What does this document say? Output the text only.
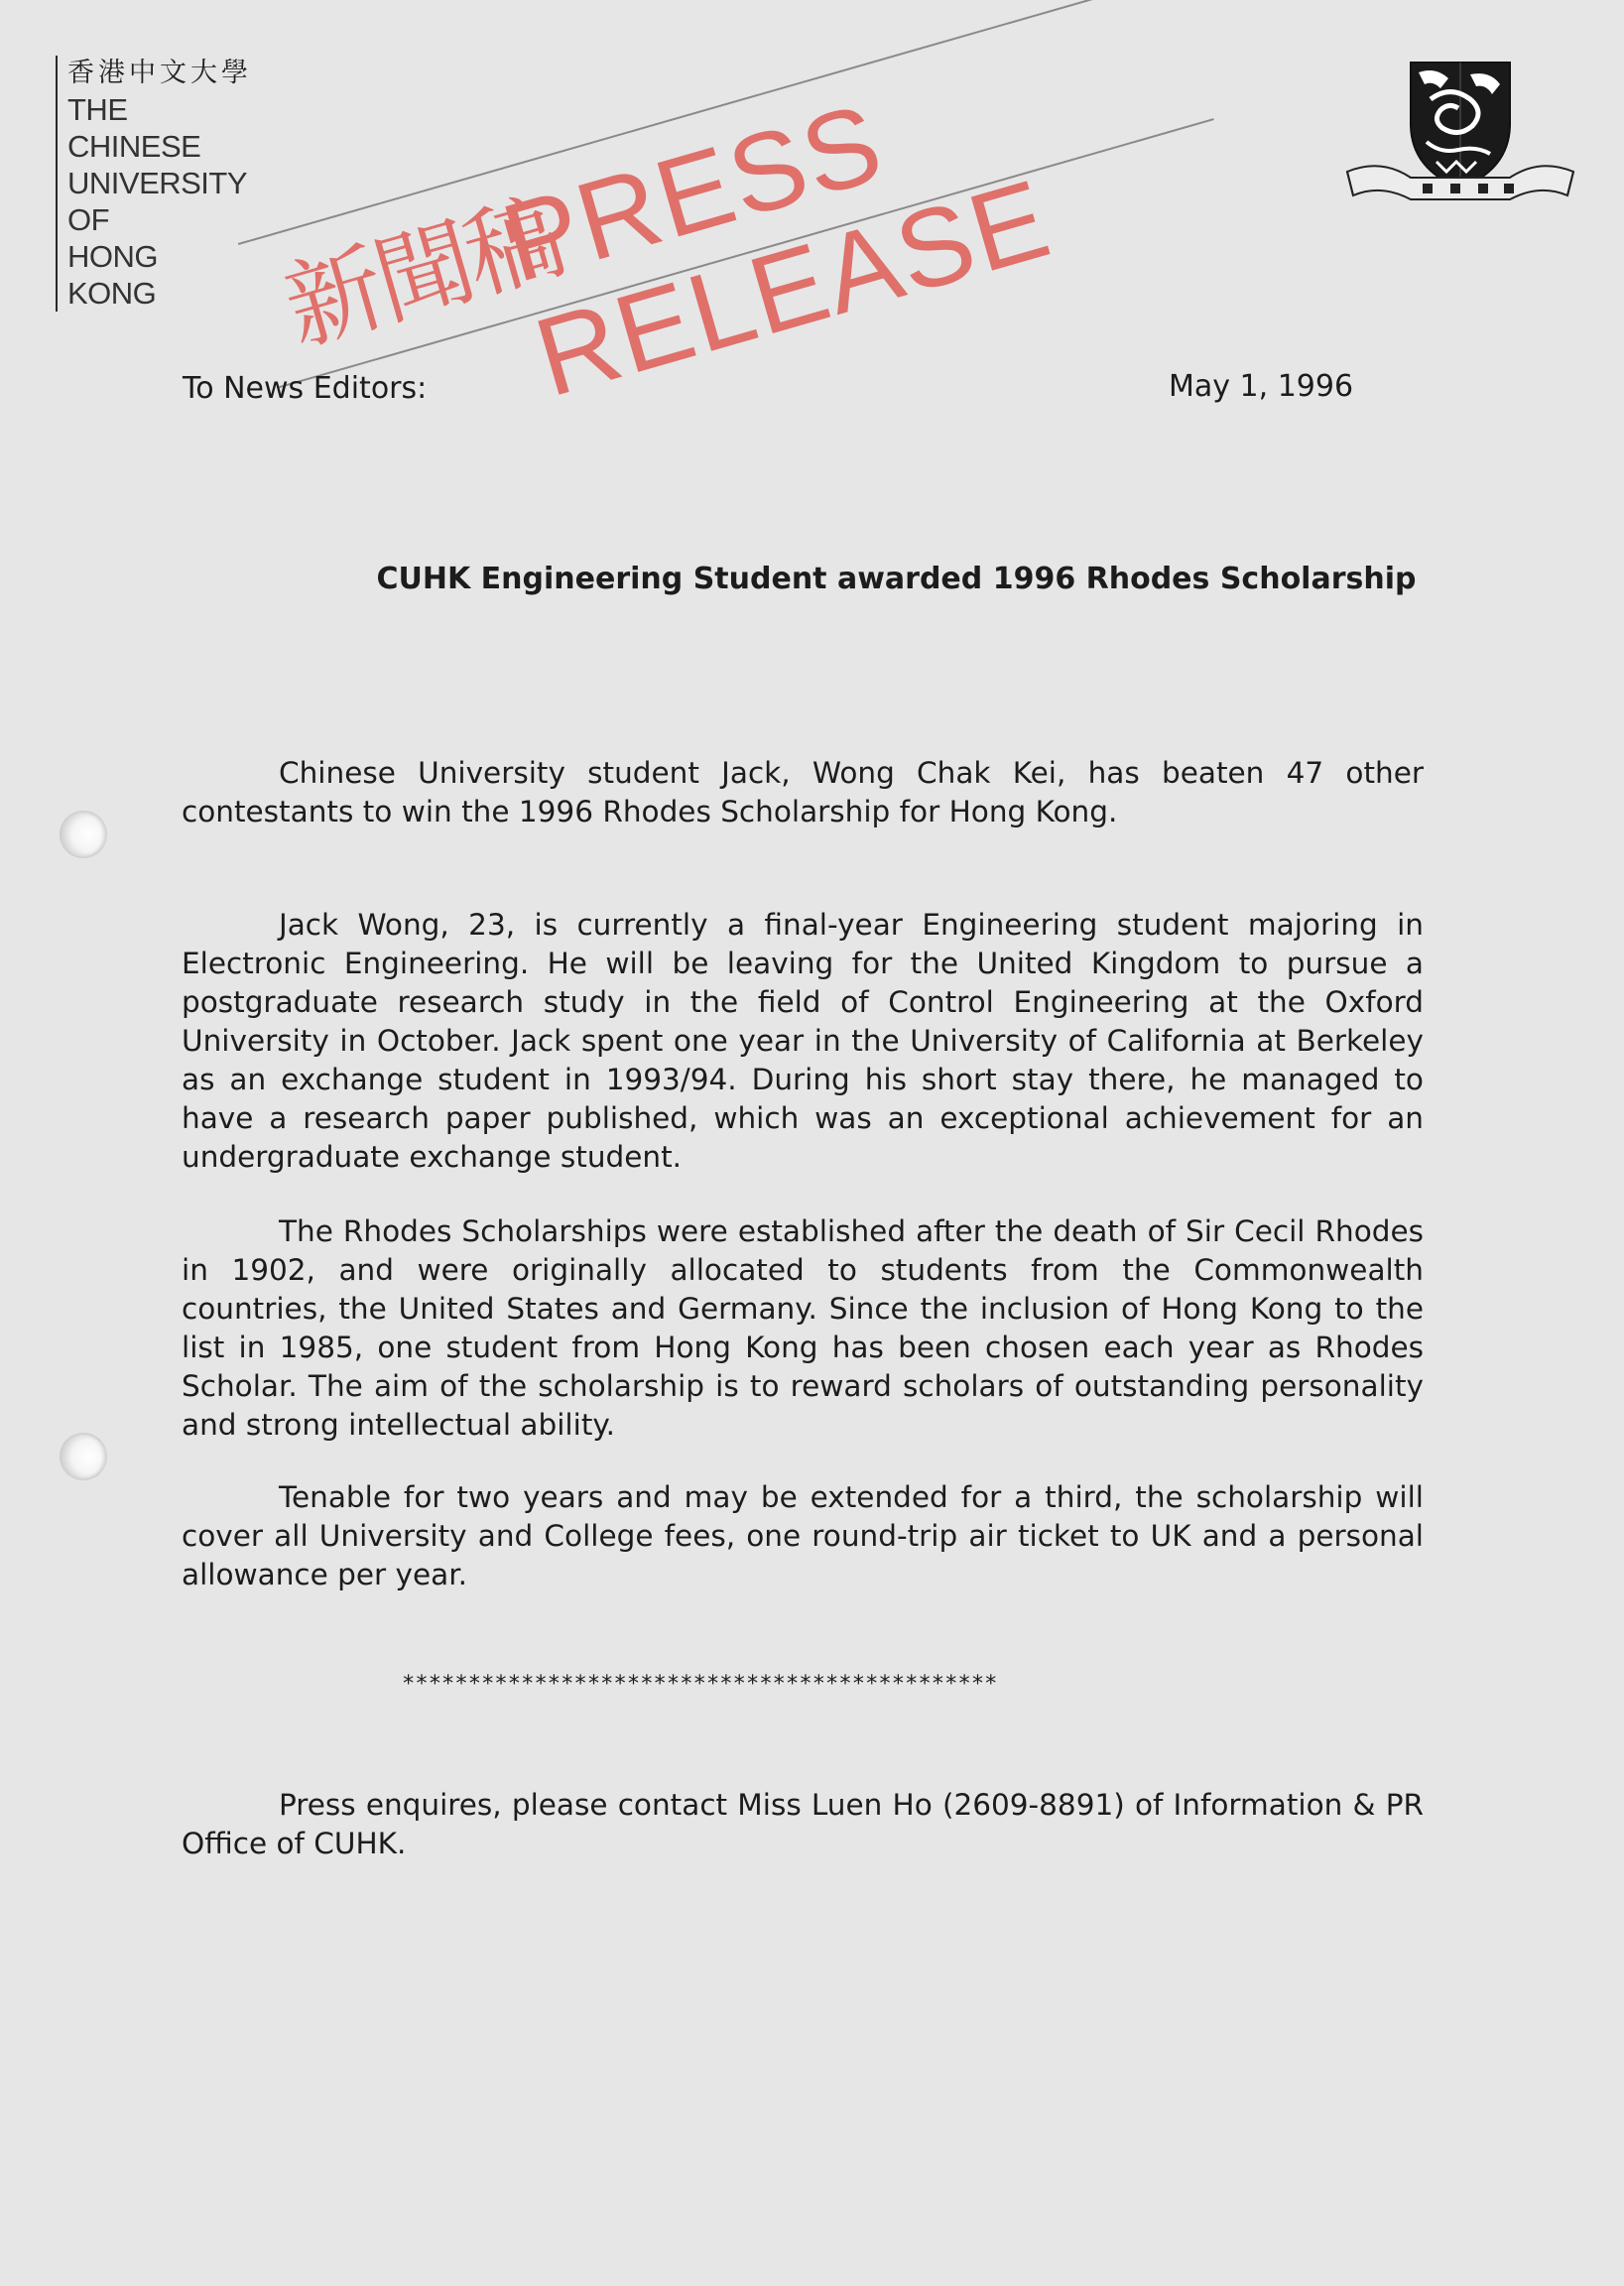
香港中文大學
THE
CHINESE
UNIVERSITY
OF
HONG
KONG	新聞稿
PRESS RELEASE
To News Editors:	May 1, 1996
CUHK Engineering Student awarded 1996 Rhodes Scholarship
Chinese University student Jack, Wong Chak Kei, has beaten 47 other contestants to win the 1996 Rhodes Scholarship for Hong Kong.
Jack Wong, 23, is currently a final-year Engineering student majoring in Electronic Engineering. He will be leaving for the United Kingdom to pursue a postgraduate research study in the field of Control Engineering at the Oxford University in October. Jack spent one year in the University of California at Berkeley as an exchange student in 1993/94. During his short stay there, he managed to have a research paper published, which was an exceptional achievement for an undergraduate exchange student.
The Rhodes Scholarships were established after the death of Sir Cecil Rhodes in 1902, and were originally allocated to students from the Commonwealth countries, the United States and Germany. Since the inclusion of Hong Kong to the list in 1985, one student from Hong Kong has been chosen each year as Rhodes Scholar. The aim of the scholarship is to reward scholars of outstanding personality and strong intellectual ability.
Tenable for two years and may be extended for a third, the scholarship will cover all University and College fees, one round-trip air ticket to UK and a personal allowance per year.
*********************************************
Press enquires, please contact Miss Luen Ho (2609-8891) of Information & PR Office of CUHK.
